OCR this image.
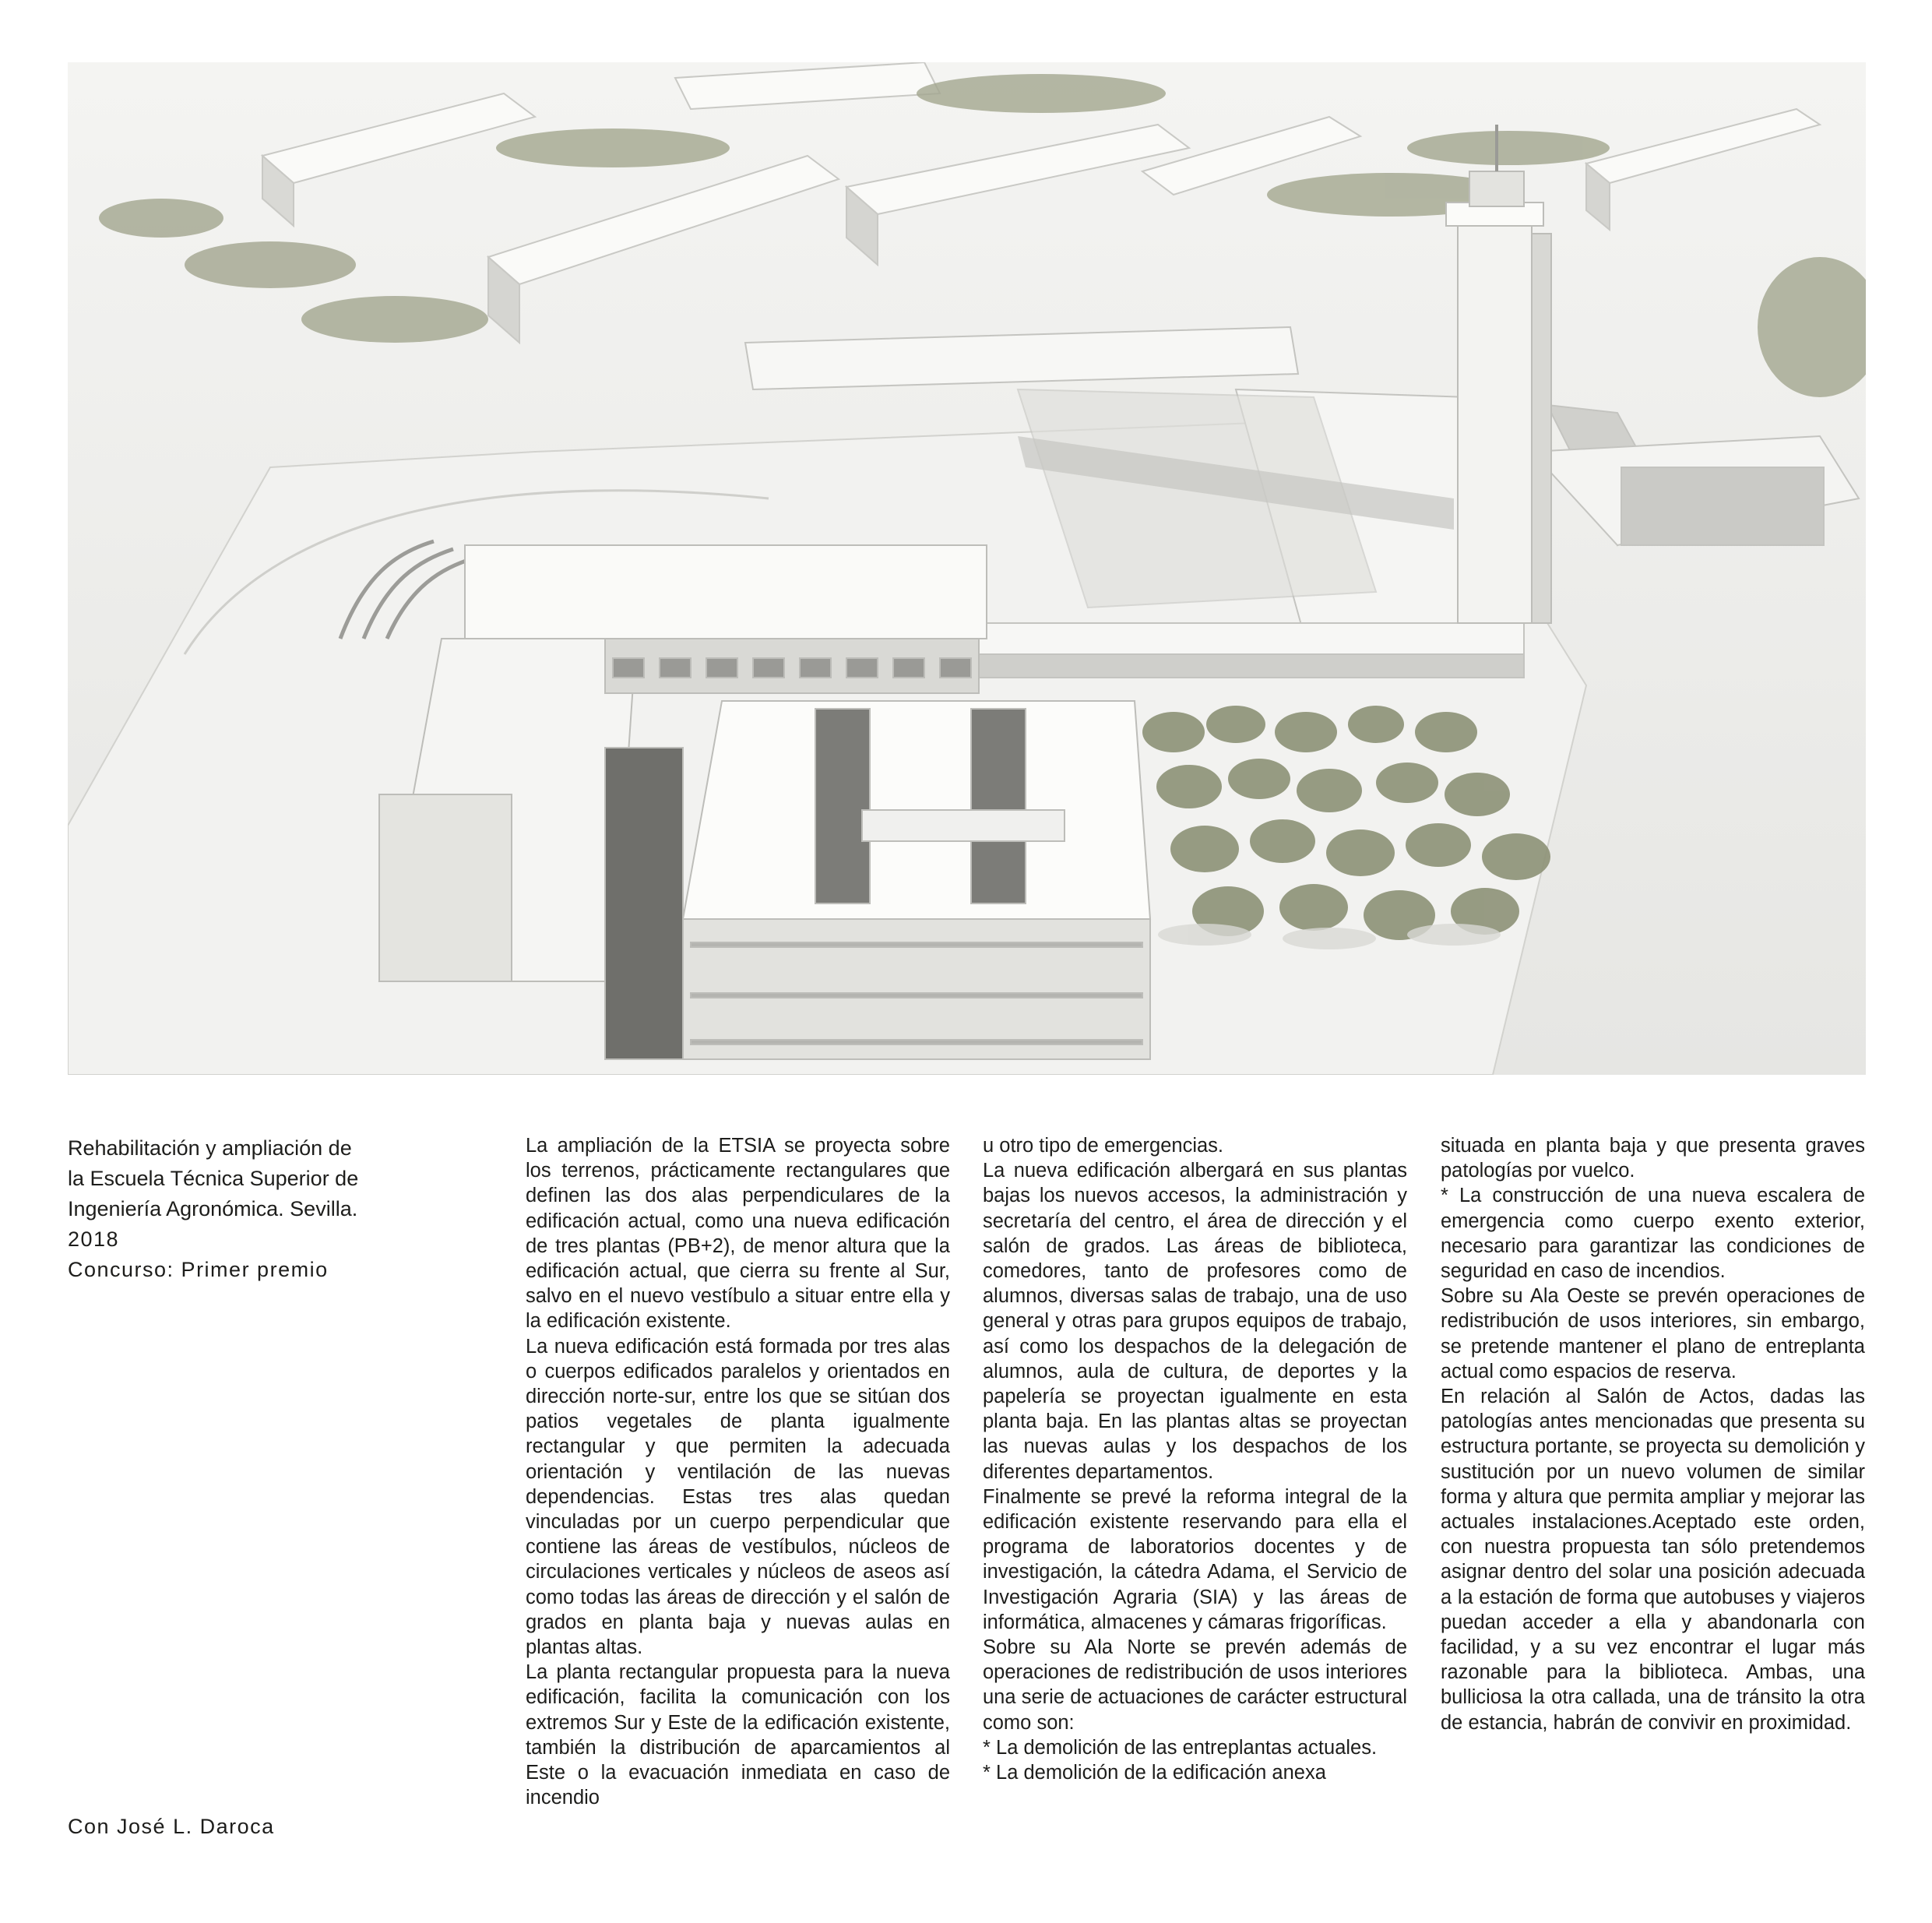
Rehabilitación y ampliación de
la Escuela Técnica Superior de
Ingeniería Agronómica. Sevilla.
2018
Concurso: Primer premio
Con José L. Daroca

La ampliación de la ETSIA se proyecta sobre los terrenos, prácticamente rectangulares que definen las dos alas perpendiculares de la edificación actual, como una nueva edificación de tres plantas (PB+2), de menor altura que la edificación actual, que cierra su frente al Sur, salvo en el nuevo vestíbulo a situar entre ella y la edificación existente.

La nueva edificación está formada por tres alas o cuerpos edificados paralelos y orientados en dirección norte-sur, entre los que se sitúan dos patios vegetales de planta igualmente rectangular y que permiten la adecuada orientación y ventilación de las nuevas dependencias. Estas tres alas quedan vinculadas por un cuerpo perpendicular que contiene las áreas de vestíbulos, núcleos de circulaciones verticales y núcleos de aseos así como todas las áreas de dirección y el salón de grados en planta baja y nuevas aulas en plantas altas.

La planta rectangular propuesta para la nueva edificación, facilita la comunicación con los extremos Sur y Este de la edificación existente, también la distribución de aparcamientos al Este o la evacuación inmediata en caso de incendio

u otro tipo de emergencias.

La nueva edificación albergará en sus plantas bajas los nuevos accesos, la administración y secretaría del centro, el área de dirección y el salón de grados. Las áreas de biblioteca, comedores, tanto de profesores como de alumnos, diversas salas de trabajo, una de uso general y otras para grupos equipos de trabajo, así como los despachos de la delegación de alumnos, aula de cultura, de deportes y la papelería se proyectan igualmente en esta planta baja. En las plantas altas se proyectan las nuevas aulas y los despachos de los diferentes departamentos.

Finalmente se prevé la reforma integral de la edificación existente reservando para ella el programa de laboratorios docentes y de investigación, la cátedra Adama, el Servicio de Investigación Agraria (SIA) y las áreas de informática, almacenes y cámaras frigoríficas.

Sobre su Ala Norte se prevén además de operaciones de redistribución de usos interiores una serie de actuaciones de carácter estructural como son:

* La demolición de las entreplantas actuales.

* La demolición de la edificación anexa

situada en planta baja y que presenta graves patologías por vuelco.

* La construcción de una nueva escalera de emergencia como cuerpo exento exterior, necesario para garantizar las condiciones de seguridad en caso de incendios.

Sobre su Ala Oeste se prevén operaciones de redistribución de usos interiores, sin embargo, se pretende mantener el plano de entreplanta actual como espacios de reserva.

En relación al Salón de Actos, dadas las patologías antes mencionadas que presenta su estructura portante, se proyecta su demolición y sustitución por un nuevo volumen de similar forma y altura que permita ampliar y mejorar las actuales instalaciones.Aceptado este orden, con nuestra propuesta tan sólo pretendemos asignar dentro del solar una posición adecuada a la estación de forma que autobuses y viajeros puedan acceder a ella y abandonarla con facilidad, y a su vez encontrar el lugar más razonable para la biblioteca. Ambas, una bulliciosa la otra callada, una de tránsito la otra de estancia, habrán de convivir en proximidad.
